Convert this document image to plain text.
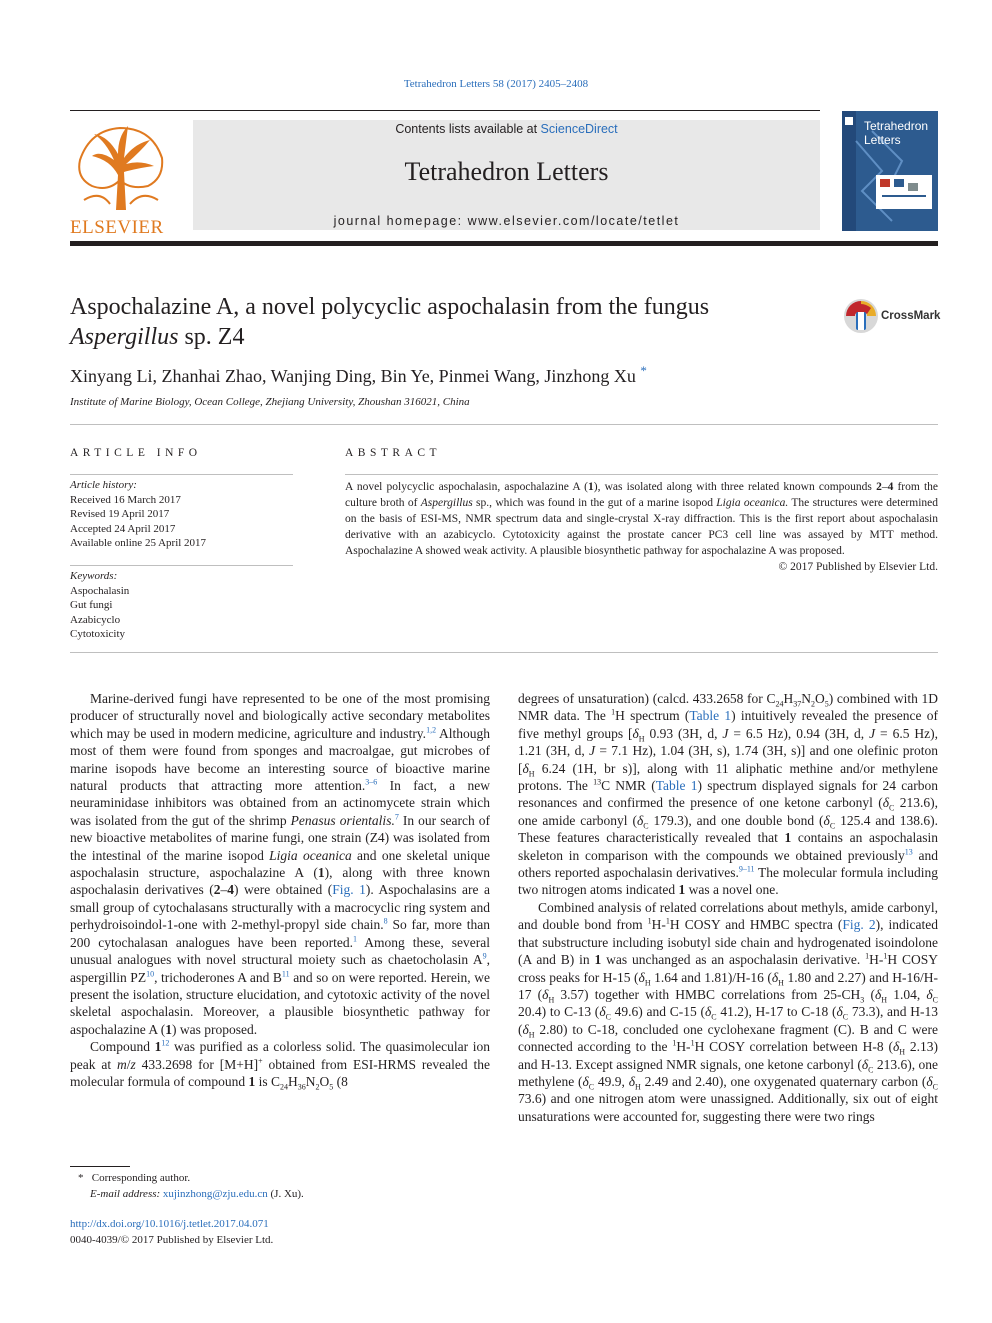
Tetrahedron Letters 58 (2017) 2405–2408
ELSEVIER
Contents lists available at ScienceDirect
Tetrahedron Letters
journal homepage: www.elsevier.com/locate/tetlet
Tetrahedron
Letters
Aspochalazine A, a novel polycyclic aspochalasin from the fungus
Aspergillus sp. Z4
CrossMark
Xinyang Li, Zhanhai Zhao, Wanjing Ding, Bin Ye, Pinmei Wang, Jinzhong Xu *
Institute of Marine Biology, Ocean College, Zhejiang University, Zhoushan 316021, China
ARTICLE INFO
Article history:
Received 16 March 2017
Revised 19 April 2017
Accepted 24 April 2017
Available online 25 April 2017
Keywords:
Aspochalasin
Gut fungi
Azabicyclo
Cytotoxicity
ABSTRACT

A novel polycyclic aspochalasin, aspochalazine A (1), was isolated along with three related known compounds 2–4 from the culture broth of Aspergillus sp., which was found in the gut of a marine isopod Ligia oceanica. The structures were determined on the basis of ESI-MS, NMR spectrum data and single-crystal X-ray diffraction. This is the first report about aspochalasin derivative with an azabicyclo. Cytotoxicity against the prostate cancer PC3 cell line was assayed by MTT method. Aspochalazine A showed weak activity. A plausible biosynthetic pathway for aspochalazine A was proposed.

© 2017 Published by Elsevier Ltd.

Marine-derived fungi have represented to be one of the most promising producer of structurally novel and biologically active secondary metabolites which may be used in modern medicine, agriculture and industry.$^{1,2}$ Although most of them were found from sponges and macroalgae, gut microbes of marine isopods have become an interesting source of bioactive marine natural products that attracting more attention.$^{3-6}$ In fact, a new neuraminidase inhibitors was obtained from an actinomycete strain which was isolated from the gut of the shrimp Penasus orientalis.$^7$ In our search of new bioactive metabolites of marine fungi, one strain (Z4) was isolated from the intestinal of the marine isopod Ligia oceanica and one skeletal unique aspochalasin structure, aspochalazine A (1), along with three known aspochalasin derivatives (2–4) were obtained (Fig. 1). Aspochalasins are a small group of cytochalasans structurally with a macrocyclic ring system and perhydroisoindol-1-one with 2-methyl-propyl side chain.$^8$ So far, more than 200 cytochalasan analogues have been reported.$^1$ Among these, several unusual analogues with novel structural moiety such as chaetocholasin $A^9$, aspergillin PZ$^{10}$, trichoderones A and $B^{11}$ and so on were reported. Herein, we present the isolation, structure elucidation, and cytotoxic activity of the novel skeletal aspochalasin. Moreover, a plausible biosynthetic pathway for aspochalazine A (1) was proposed.

Compound $1^{12}$ was purified as a colorless solid. The quasimolecular ion peak at m/z 433.2698 for [M+H]+ obtained from ESI-HRMS revealed the molecular formula of compound 1 is $C_{24}H_{36}N_2O_5$ (8

degrees of unsaturation) (calcd. 433.2658 for $C_{24}H_{37}N_2O_5$) combined with 1D NMR data. The $^1$H spectrum (Table 1) intuitively revealed the presence of five methyl groups [$\delta_H$ 0.93 (3H, d, J = 6.5 Hz), 0.94 (3H, d, J = 6.5 Hz), 1.21 (3H, d, J = 7.1 Hz), 1.04 (3H, s), 1.74 (3H, s)] and one olefinic proton [$\delta_H$ 6.24 (1H, br s)], along with 11 aliphatic methine and/or methylene protons. The $^{13}$C NMR (Table 1) spectrum displayed signals for 24 carbon resonances and confirmed the presence of one ketone carbonyl ($\delta_C$ 213.6), one amide carbonyl ($\delta_C$ 179.3), and one double bond ($\delta_C$ 125.4 and 138.6). These features characteristically revealed that 1 contains an aspochalasin skeleton in comparison with the compounds we obtained previously$^{13}$ and others reported aspochalasin derivatives.$^{9-11}$ The molecular formula including two nitrogen atoms indicated 1 was a novel one.

Combined analysis of related correlations about methyls, amide carbonyl, and double bond from $^1$H-$^1$H COSY and HMBC spectra (Fig. 2), indicated that substructure including isobutyl side chain and hydrogenated isoindolone (A and B) in 1 was unchanged as an aspochalasin derivative. $^1$H-$^1$H COSY cross peaks for H-15 ($\delta_H$ 1.64 and 1.81)/H-16 ($\delta_H$ 1.80 and 2.27) and H-16/H-17 ($\delta_H$ 3.57) together with HMBC correlations from $25-CH_3$ ($\delta_H$ 1.04, $\delta_C$ 20.4) to C-13 ($\delta_C$ 49.6) and C-15 ($\delta_C$ 41.2), H-17 to C-18 ($\delta_C$ 73.3), and H-13 ($\delta_H$ 2.80) to C-18, concluded one cyclohexane fragment (C). B and C were connected according to the $^1$H-$^1$H COSY correlation between H-8 ($\delta_H$ 2.13) and H-13. Except assigned NMR signals, one ketone carbonyl ($\delta_C$ 213.6), one methylene ($\delta_C$ 49.9, $\delta_H$ 2.49 and 2.40), one oxygenated quaternary carbon ($\delta_C$ 73.6) and one nitrogen atom were unassigned. Additionally, six out of eight unsaturations were accounted for, suggesting there were two rings

* Corresponding author.
E-mail address: xujinzhong@zju.edu.cn (J. Xu).
http://dx.doi.org/10.1016/j.tetlet.2017.04.071
0040-4039/© 2017 Published by Elsevier Ltd.
